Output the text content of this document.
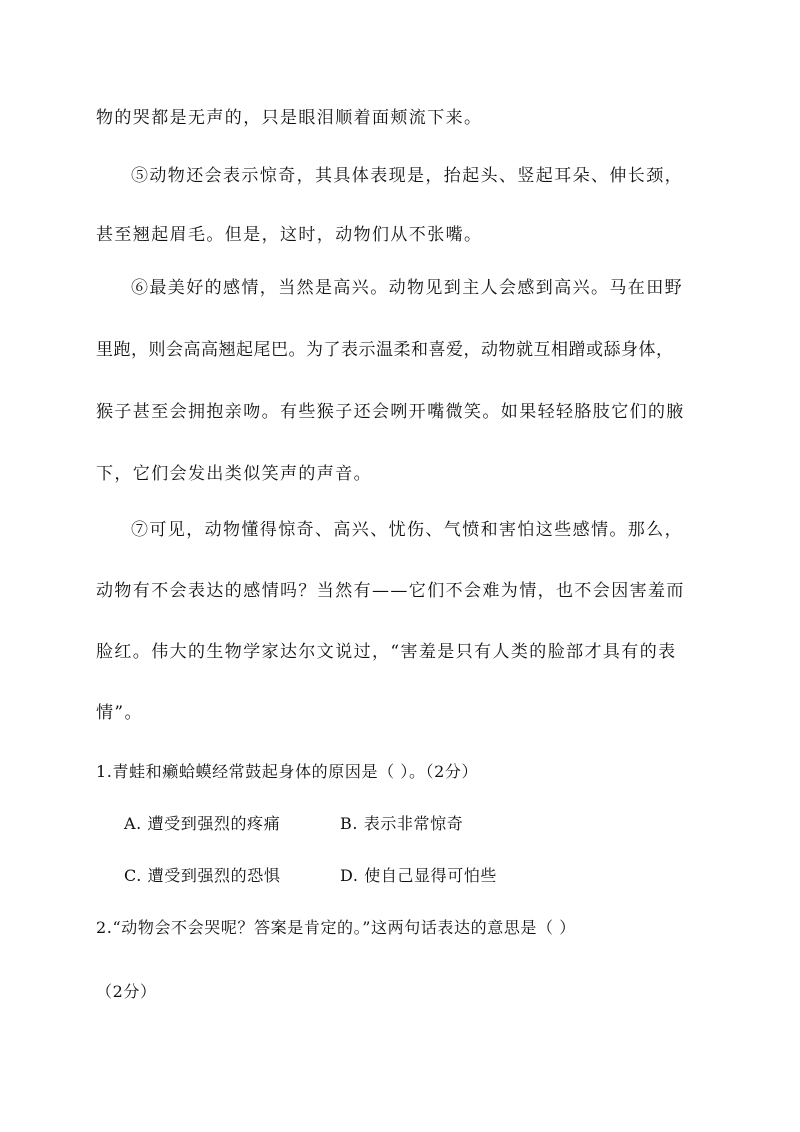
物的哭都是无声的，只是眼泪顺着面颊流下来。
⑤动物还会表示惊奇，其具体表现是，抬起头、竖起耳朵、伸长颈，
甚至翘起眉毛。但是，这时，动物们从不张嘴。
⑥最美好的感情，当然是高兴。动物见到主人会感到高兴。马在田野
里跑，则会高高翘起尾巴。为了表示温柔和喜爱，动物就互相蹭或舔身体，
猴子甚至会拥抱亲吻。有些猴子还会咧开嘴微笑。如果轻轻胳肢它们的腋
下，它们会发出类似笑声的声音。
⑦可见，动物懂得惊奇、高兴、忧伤、气愤和害怕这些感情。那么，
动物有不会表达的感情吗？当然有——它们不会难为情，也不会因害羞而
脸红。伟大的生物学家达尔文说过，“害羞是只有人类的脸部才具有的表
情”。
1.青蛙和癞蛤蟆经常鼓起身体的原因是（ ）。（2分）
A. 遭受到强烈的疼痛	B. 表示非常惊奇
C. 遭受到强烈的恐惧	D. 使自己显得可怕些
2.“动物会不会哭呢？答案是肯定的。”这两句话表达的意思是（ ）
（2分）
